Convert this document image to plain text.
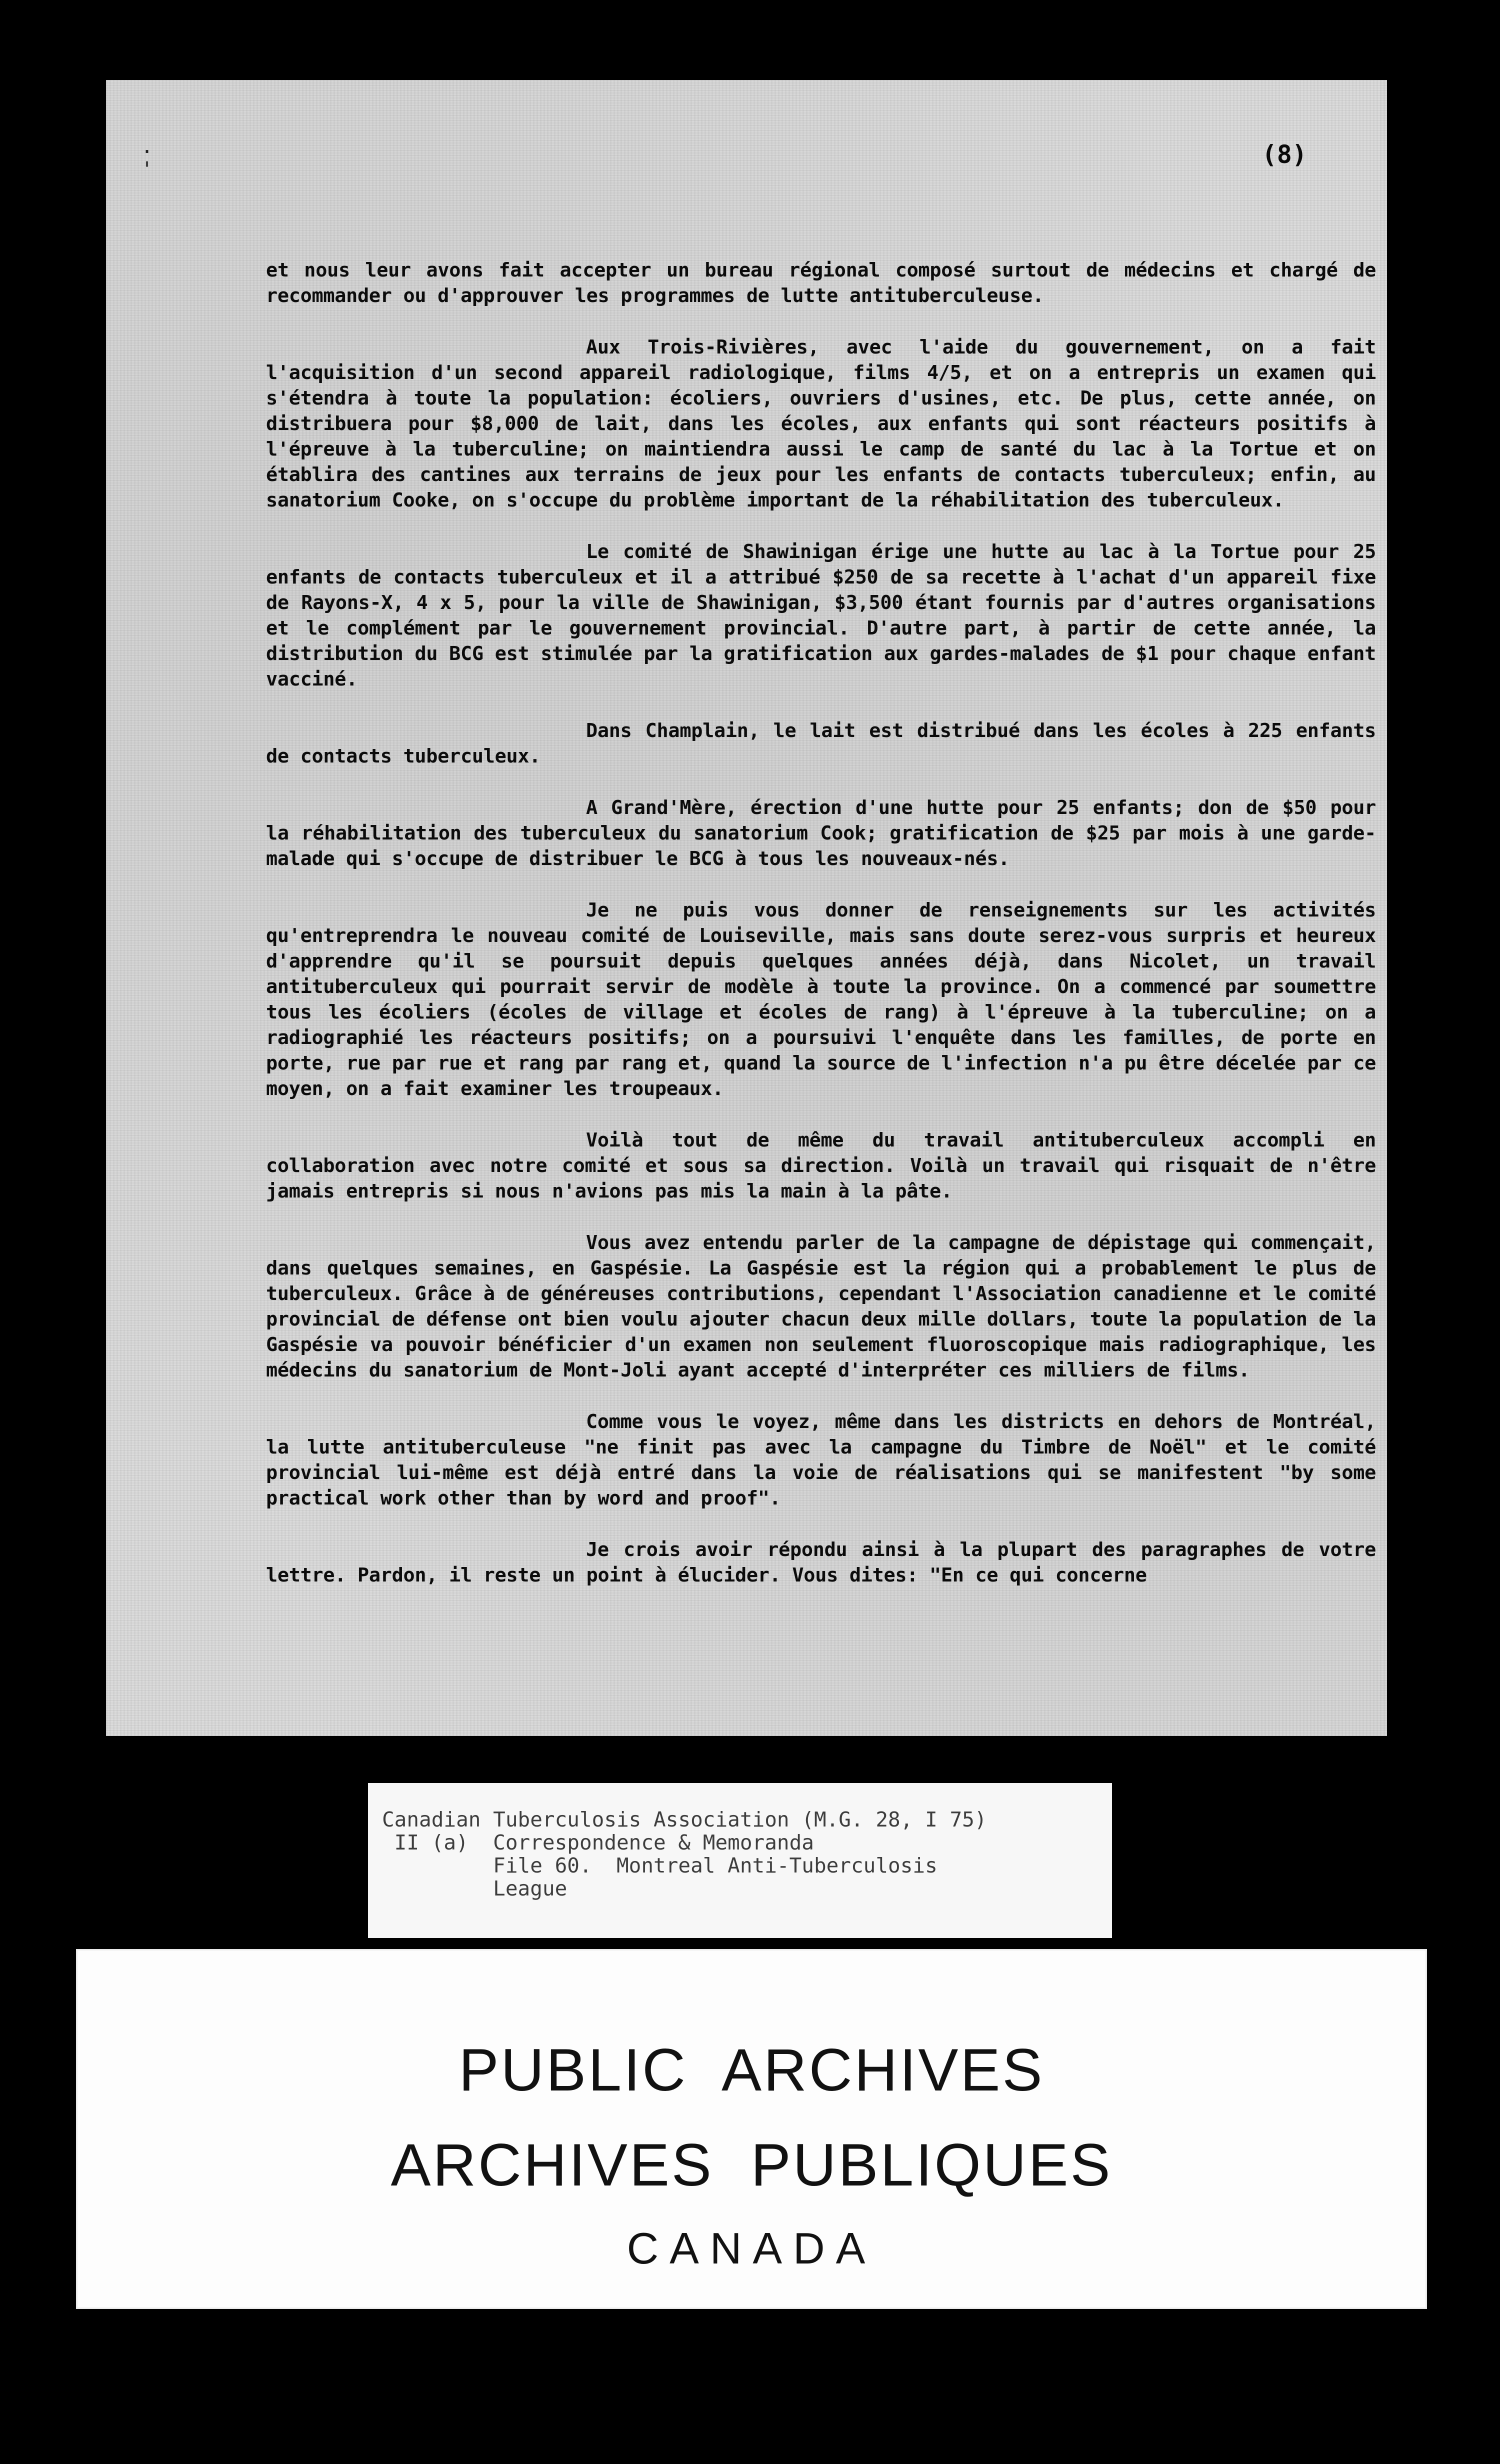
.
'
(8)

et nous leur avons fait accepter un bureau régional composé surtout de médecins et chargé de recommander ou d'approuver les programmes de lutte antituberculeuse.

Aux Trois-Rivières, avec l'aide du gouvernement, on a fait l'acquisition d'un second appareil radiologique, films 4/5, et on a entrepris un examen qui s'étendra à toute la population: écoliers, ouvriers d'usines, etc. De plus, cette année, on distribuera pour $8,000 de lait, dans les écoles, aux enfants qui sont réacteurs positifs à l'épreuve à la tuberculine; on maintiendra aussi le camp de santé du lac à la Tortue et on établira des cantines aux terrains de jeux pour les enfants de contacts tuberculeux; enfin, au sanatorium Cooke, on s'occupe du problème important de la réhabilitation des tuberculeux.

Le comité de Shawinigan érige une hutte au lac à la Tortue pour 25 enfants de contacts tuberculeux et il a attribué $250 de sa recette à l'achat d'un appareil fixe de Rayons-X, 4 x 5, pour la ville de Shawinigan, $3,500 étant fournis par d'autres organisations et le complément par le gouvernement provincial. D'autre part, à partir de cette année, la distribution du BCG est stimulée par la gratification aux gardes-malades de $1 pour chaque enfant vacciné.

Dans Champlain, le lait est distribué dans les écoles à 225 enfants de contacts tuberculeux.

A Grand'Mère, érection d'une hutte pour 25 enfants; don de $50 pour la réhabilitation des tuberculeux du sanatorium Cook; gratification de $25 par mois à une garde-malade qui s'occupe de distribuer le BCG à tous les nouveaux-nés.

Je ne puis vous donner de renseignements sur les activités qu'entreprendra le nouveau comité de Louiseville, mais sans doute serez-vous surpris et heureux d'apprendre qu'il se poursuit depuis quelques années déjà, dans Nicolet, un travail antituberculeux qui pourrait servir de modèle à toute la province. On a commencé par soumettre tous les écoliers (écoles de village et écoles de rang) à l'épreuve à la tuberculine; on a radiographié les réacteurs positifs; on a poursuivi l'enquête dans les familles, de porte en porte, rue par rue et rang par rang et, quand la source de l'infection n'a pu être décelée par ce moyen, on a fait examiner les troupeaux.

Voilà tout de même du travail antituberculeux accompli en collaboration avec notre comité et sous sa direction. Voilà un travail qui risquait de n'être jamais entrepris si nous n'avions pas mis la main à la pâte.

Vous avez entendu parler de la campagne de dépistage qui commençait, dans quelques semaines, en Gaspésie. La Gaspésie est la région qui a probablement le plus de tuberculeux. Grâce à de généreuses contributions, cependant l'Association canadienne et le comité provincial de défense ont bien voulu ajouter chacun deux mille dollars, toute la population de la Gaspésie va pouvoir bénéficier d'un examen non seulement fluoroscopique mais radiographique, les médecins du sanatorium de Mont-Joli ayant accepté d'interpréter ces milliers de films.

Comme vous le voyez, même dans les districts en dehors de Montréal, la lutte antituberculeuse "ne finit pas avec la campagne du Timbre de Noël" et le comité provincial lui-même est déjà entré dans la voie de réalisations qui se manifestent "by some practical work other than by word and proof".

Je crois avoir répondu ainsi à la plupart des paragraphes de votre lettre. Pardon, il reste un point à élucider. Vous dites: "En ce qui concerne

Canadian Tuberculosis Association (M.G. 28, I 75)
II (a)  Correspondence & Memoranda
File 60.  Montreal Anti-Tuberculosis
League
PUBLIC  ARCHIVES
ARCHIVES  PUBLIQUES
CANADA
